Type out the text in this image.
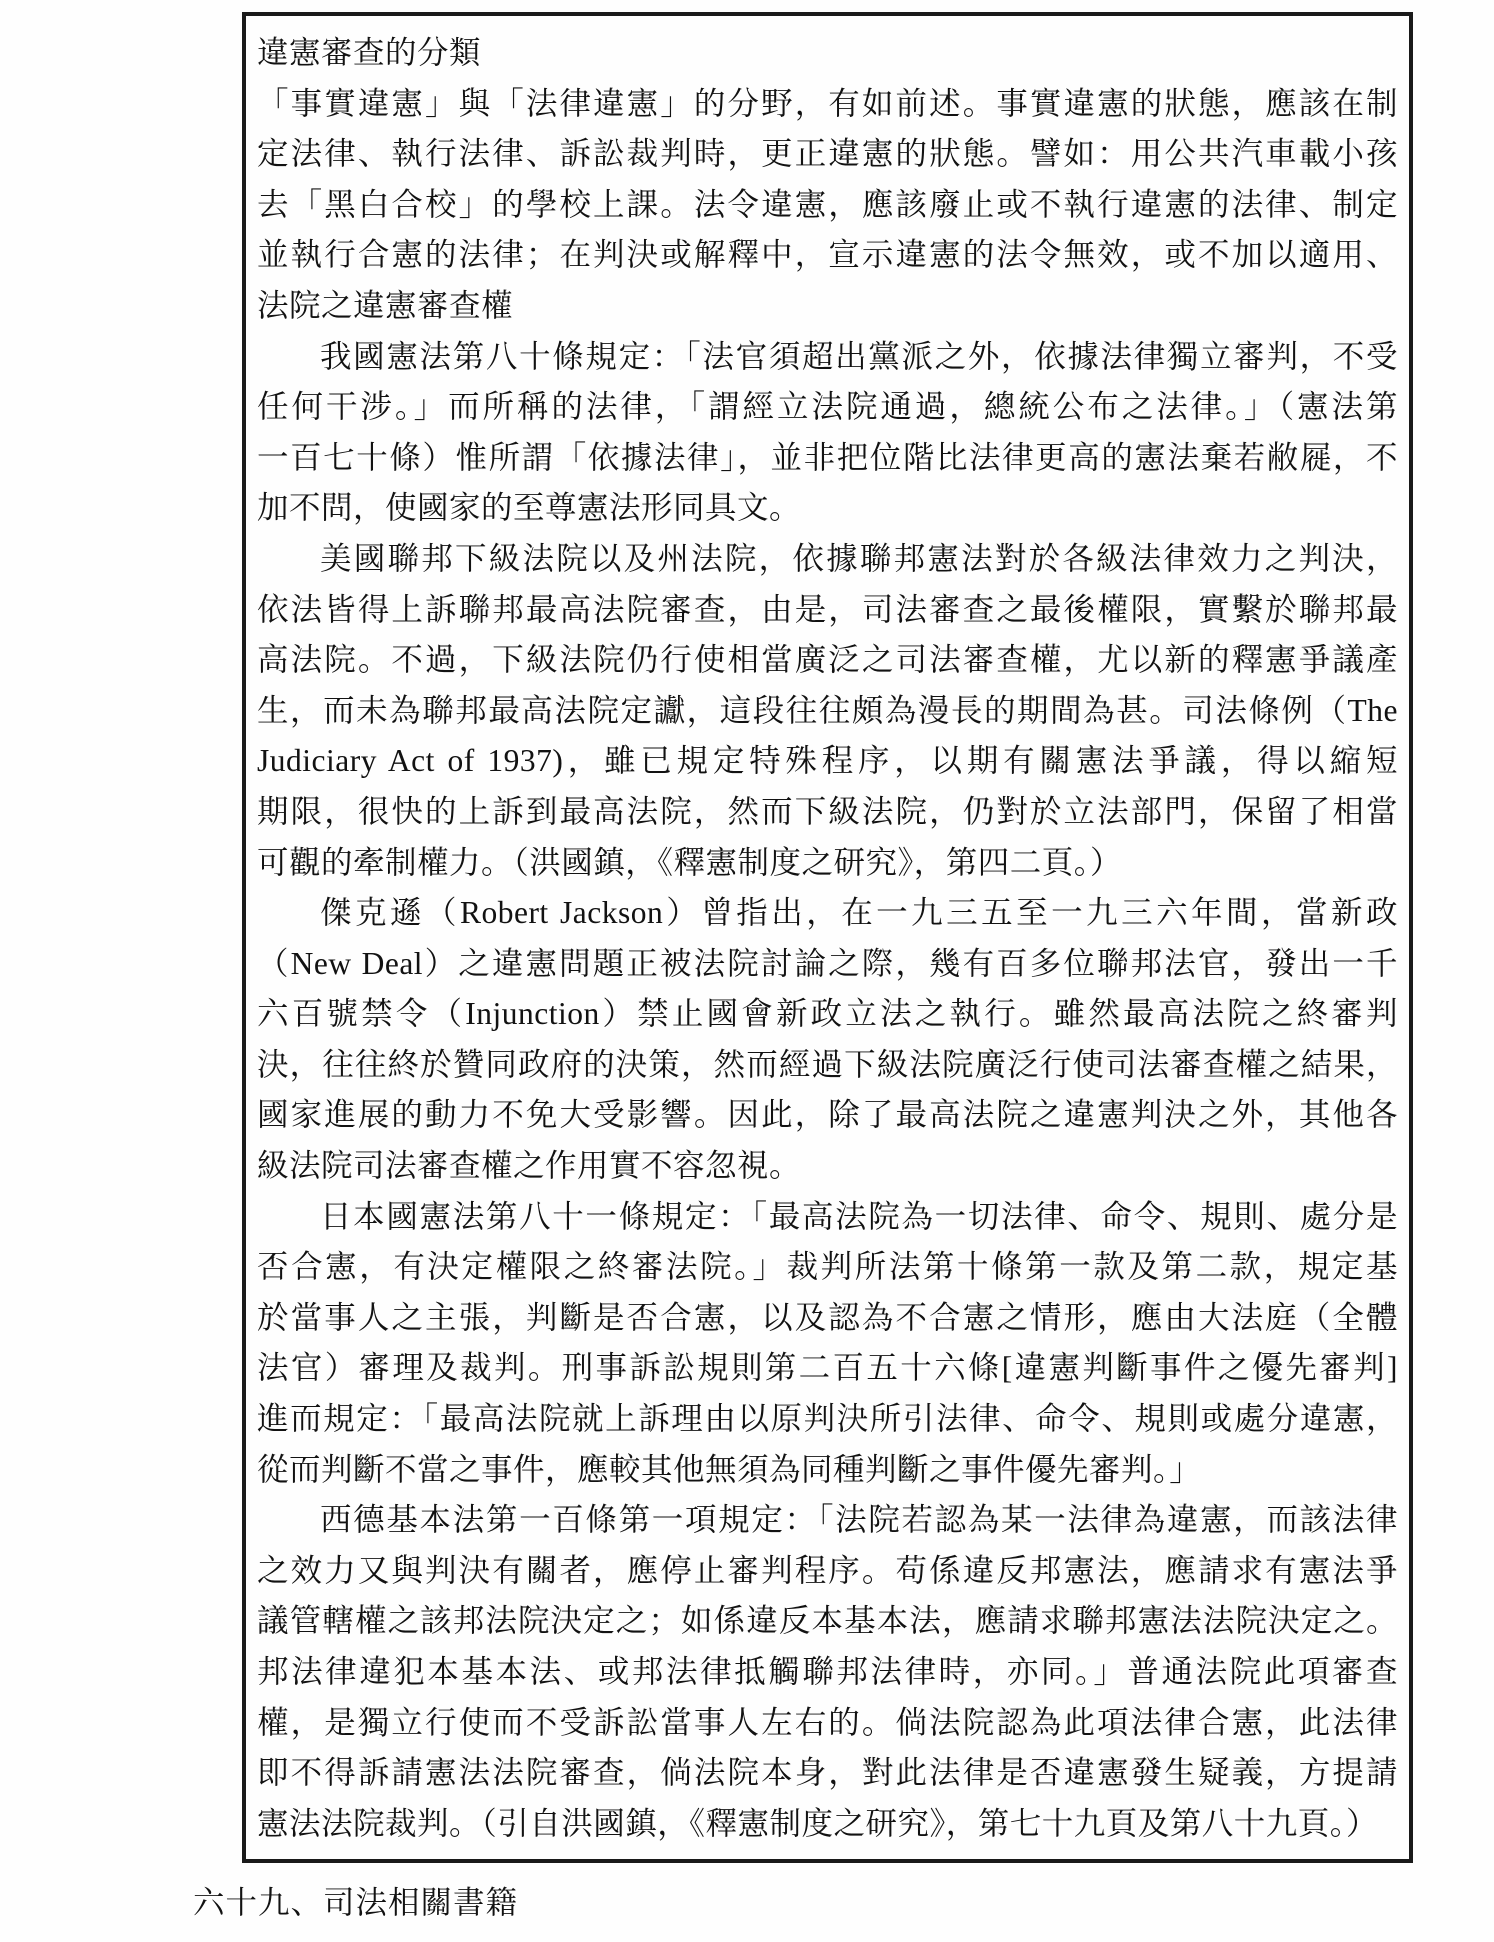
違憲審查的分類
「事實違憲」與「法律違憲」的分野，有如前述。事實違憲的狀態，應該在制
定法律、執行法律、訴訟裁判時，更正違憲的狀態。譬如：用公共汽車載小孩
去「黑白合校」的學校上課。法令違憲，應該廢止或不執行違憲的法律、制定
並執行合憲的法律；在判決或解釋中，宣示違憲的法令無效，或不加以適用、
法院之違憲審查權
我國憲法第八十條規定：「法官須超出黨派之外，依據法律獨立審判，不受
任何干涉。」而所稱的法律，「謂經立法院通過，總統公布之法律。」（憲法第
一百七十條）惟所謂「依據法律」，並非把位階比法律更高的憲法棄若敝屣，不
加不問，使國家的至尊憲法形同具文。
美國聯邦下級法院以及州法院，依據聯邦憲法對於各級法律效力之判決，
依法皆得上訴聯邦最高法院審查，由是，司法審查之最後權限，實繫於聯邦最
高法院。不過，下級法院仍行使相當廣泛之司法審查權，尤以新的釋憲爭議產
生，而未為聯邦最高法院定讞，這段往往頗為漫長的期間為甚。司法條例（The
Judiciary Act of 1937)，雖已規定特殊程序，以期有關憲法爭議，得以縮短
期限，很快的上訴到最高法院，然而下級法院，仍對於立法部門，保留了相當
可觀的牽制權力。（洪國鎮，《釋憲制度之研究》，第四二頁。）
傑克遜（Robert Jackson）曾指出，在一九三五至一九三六年間，當新政
（New Deal）之違憲問題正被法院討論之際，幾有百多位聯邦法官，發出一千
六百號禁令（Injunction）禁止國會新政立法之執行。雖然最高法院之終審判
決，往往終於贊同政府的決策，然而經過下級法院廣泛行使司法審查權之結果，
國家進展的動力不免大受影響。因此，除了最高法院之違憲判決之外，其他各
級法院司法審查權之作用實不容忽視。
日本國憲法第八十一條規定：「最高法院為一切法律、命令、規則、處分是
否合憲，有決定權限之終審法院。」裁判所法第十條第一款及第二款，規定基
於當事人之主張，判斷是否合憲，以及認為不合憲之情形，應由大法庭（全體
法官）審理及裁判。刑事訴訟規則第二百五十六條[違憲判斷事件之優先審判]
進而規定：「最高法院就上訴理由以原判決所引法律、命令、規則或處分違憲，
從而判斷不當之事件，應較其他無須為同種判斷之事件優先審判。」
西德基本法第一百條第一項規定：「法院若認為某一法律為違憲，而該法律
之效力又與判決有關者，應停止審判程序。苟係違反邦憲法，應請求有憲法爭
議管轄權之該邦法院決定之；如係違反本基本法，應請求聯邦憲法法院決定之。
邦法律違犯本基本法、或邦法律抵觸聯邦法律時，亦同。」普通法院此項審查
權，是獨立行使而不受訴訟當事人左右的。倘法院認為此項法律合憲，此法律
即不得訴請憲法法院審查，倘法院本身，對此法律是否違憲發生疑義，方提請
憲法法院裁判。（引自洪國鎮，《釋憲制度之研究》，第七十九頁及第八十九頁。）
六十九、司法相關書籍
